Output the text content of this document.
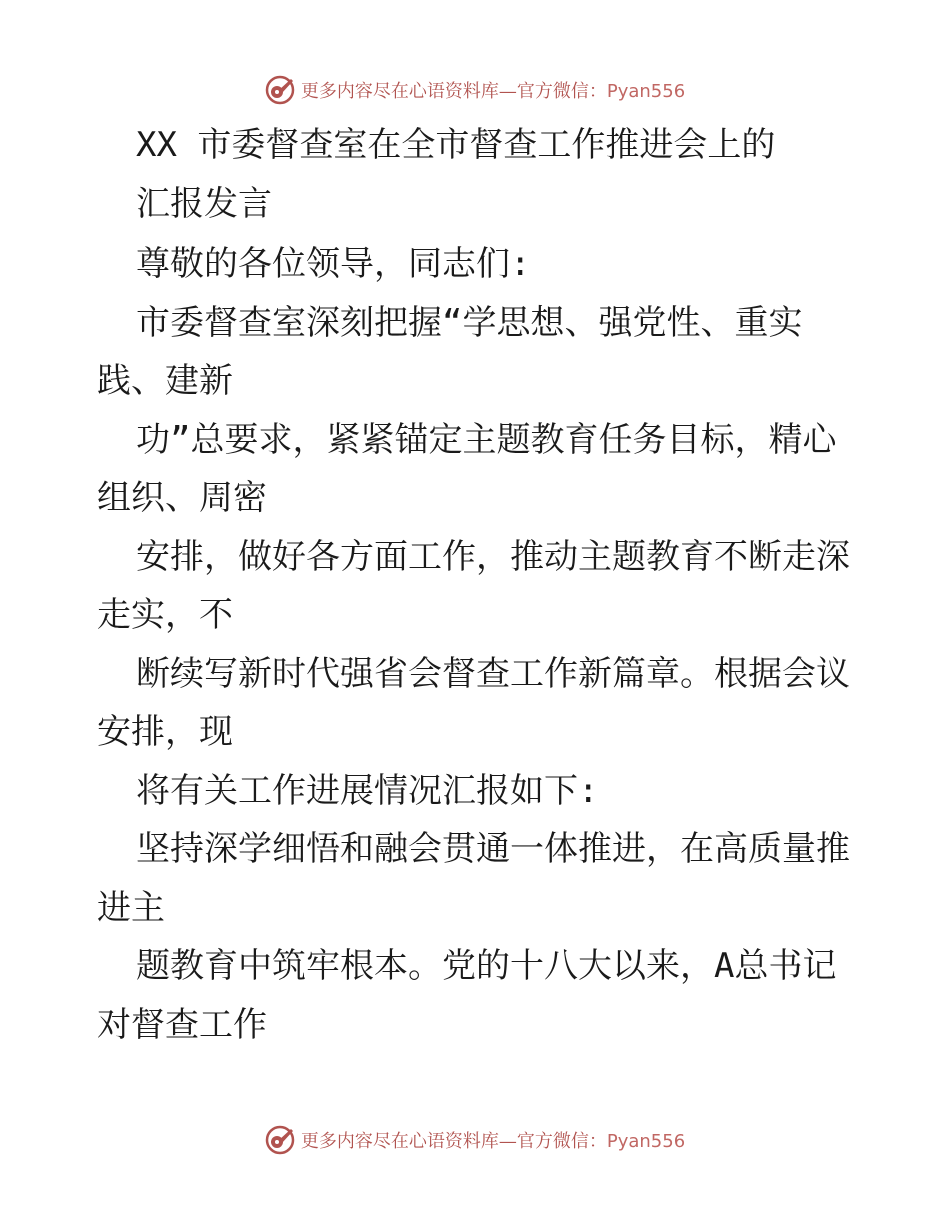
更多内容尽在心语资料库—官方微信：Pyan556
XX 市委督查室在全市督查工作推进会上的
汇报发言
尊敬的各位领导，同志们:
市委督查室深刻把握“学思想、强党性、重实
践、建新
功”总要求，紧紧锚定主题教育任务目标，精心
组织、周密
安排，做好各方面工作，推动主题教育不断走深
走实，不
断续写新时代强省会督查工作新篇章。根据会议
安排，现
将有关工作进展情况汇报如下:
坚持深学细悟和融会贯通一体推进，在高质量推
进主
题教育中筑牢根本。党的十八大以来，A总书记
对督查工作
更多内容尽在心语资料库—官方微信：Pyan556
